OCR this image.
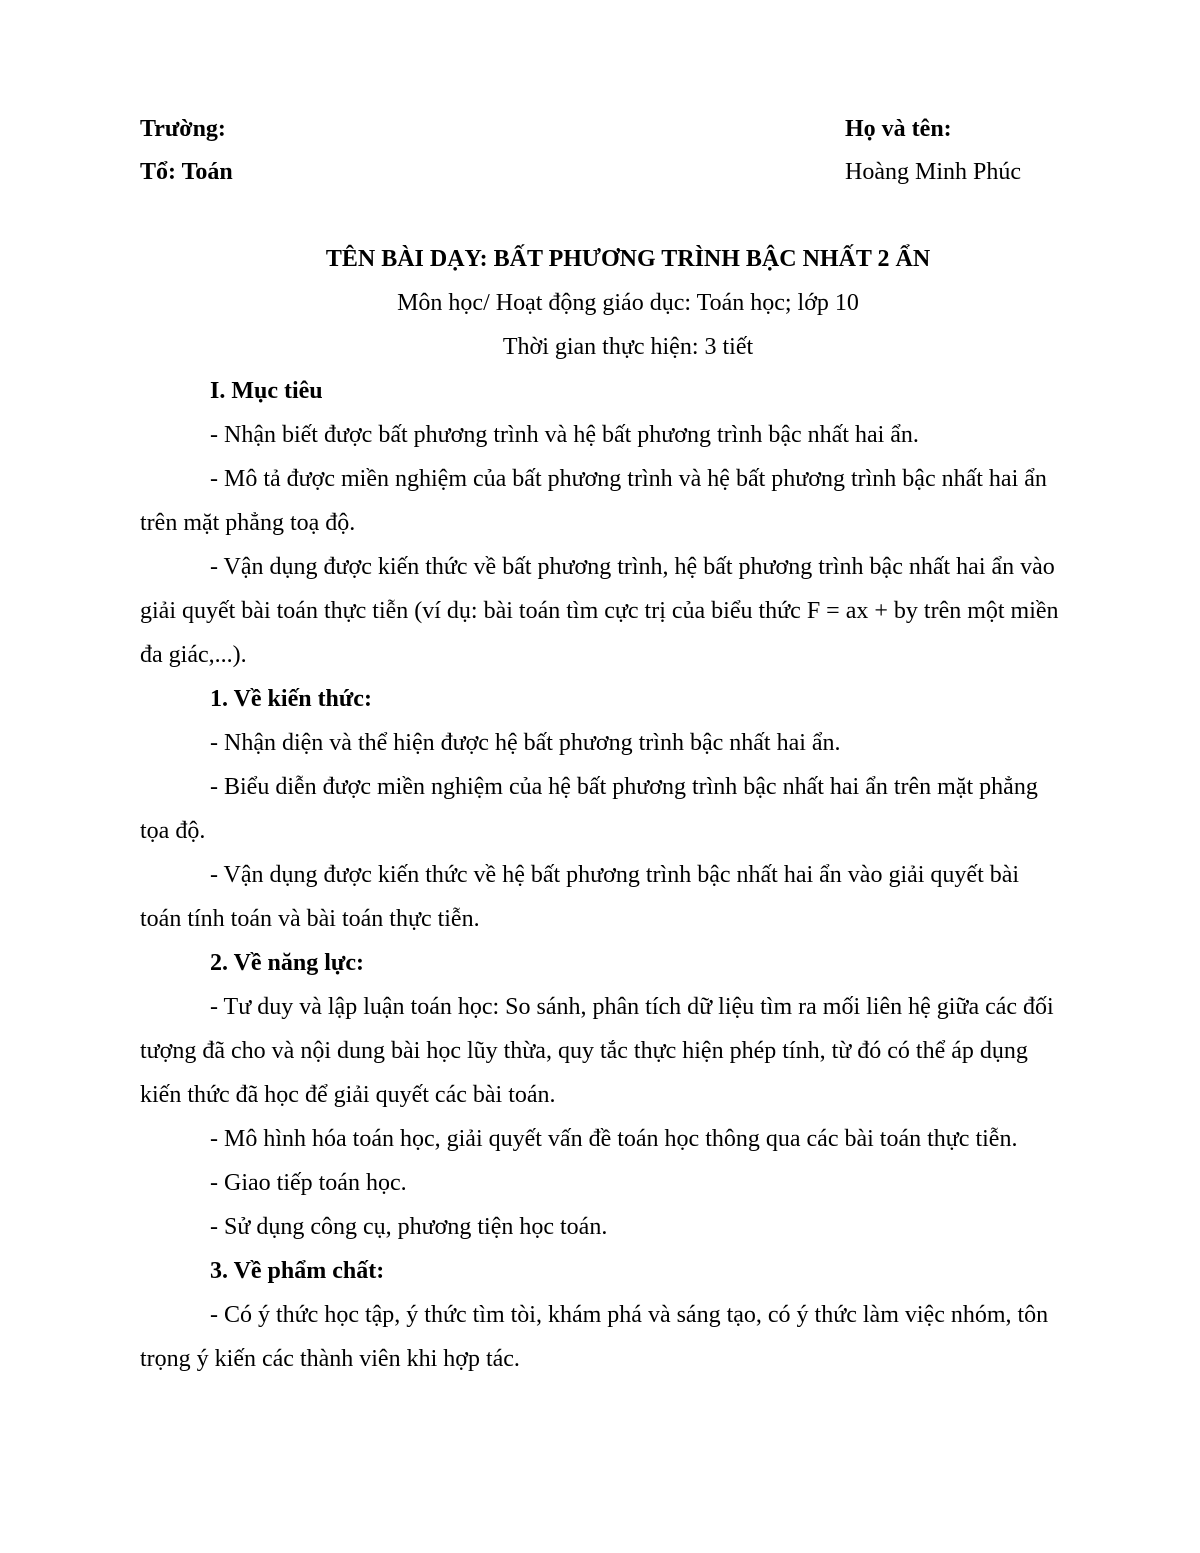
Trường:
Tổ: Toán
Họ và tên:
Hoàng Minh Phúc
TÊN BÀI DẠY: BẤT PHƯƠNG TRÌNH BẬC NHẤT 2 ẨN
Môn học/ Hoạt động giáo dục: Toán học; lớp 10
Thời gian thực hiện: 3 tiết
I. Mục tiêu
- Nhận biết được bất phương trình và hệ bất phương trình bậc nhất hai ẩn.
- Mô tả được miền nghiệm của bất phương trình và hệ bất phương trình bậc nhất hai ẩn
trên mặt phẳng toạ độ.
- Vận dụng được kiến thức về bất phương trình, hệ bất phương trình bậc nhất hai ẩn vào
giải quyết bài toán thực tiễn (ví dụ: bài toán tìm cực trị của biểu thức F = ax + by trên một miền
đa giác,...).
1. Về kiến thức:
- Nhận diện và thể hiện được hệ bất phương trình bậc nhất hai ẩn.
- Biểu diễn được miền nghiệm của hệ bất phương trình bậc nhất hai ẩn trên mặt phẳng
tọa độ.
- Vận dụng được kiến thức về hệ bất phương trình bậc nhất hai ẩn vào giải quyết bài
toán tính toán và bài toán thực tiễn.
2. Về năng lực:
- Tư duy và lập luận toán học: So sánh, phân tích dữ liệu tìm ra mối liên hệ giữa các đối
tượng đã cho và nội dung bài học lũy thừa, quy tắc thực hiện phép tính, từ đó có thể áp dụng
kiến thức đã học để giải quyết các bài toán.
- Mô hình hóa toán học, giải quyết vấn đề toán học thông qua các bài toán thực tiễn.
- Giao tiếp toán học.
- Sử dụng công cụ, phương tiện học toán.
3. Về phẩm chất:
- Có ý thức học tập, ý thức tìm tòi, khám phá và sáng tạo, có ý thức làm việc nhóm, tôn
trọng ý kiến các thành viên khi hợp tác.
